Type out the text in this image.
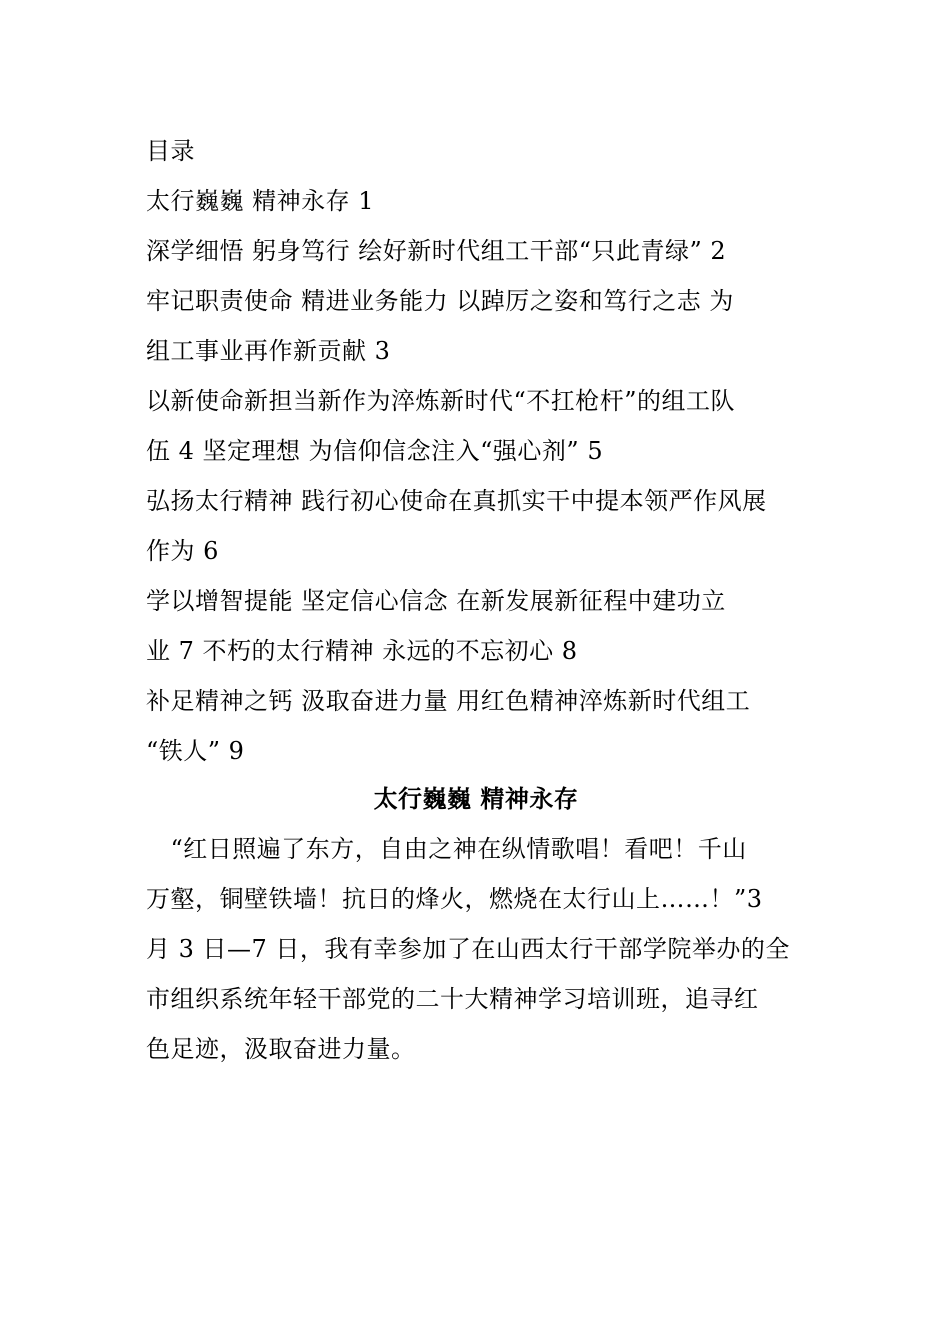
目录
太行巍巍 精神永存 1
深学细悟 躬身笃行 绘好新时代组工干部“只此青绿” 2
牢记职责使命 精进业务能力 以踔厉之姿和笃行之志 为
组工事业再作新贡献 3
以新使命新担当新作为淬炼新时代“不扛枪杆”的组工队
伍 4 坚定理想 为信仰信念注入“强心剂” 5
弘扬太行精神 践行初心使命在真抓实干中提本领严作风展
作为 6
学以增智提能 坚定信心信念 在新发展新征程中建功立
业 7 不朽的太行精神 永远的不忘初心 8
补足精神之钙 汲取奋进力量 用红色精神淬炼新时代组工
“铁人” 9
太行巍巍 精神永存
　“红日照遍了东方，自由之神在纵情歌唱！看吧！千山
万壑，铜壁铁墙！抗日的烽火，燃烧在太行山上……！”3
月 3 日—7 日，我有幸参加了在山西太行干部学院举办的全
市组织系统年轻干部党的二十大精神学习培训班，追寻红
色足迹，汲取奋进力量。
